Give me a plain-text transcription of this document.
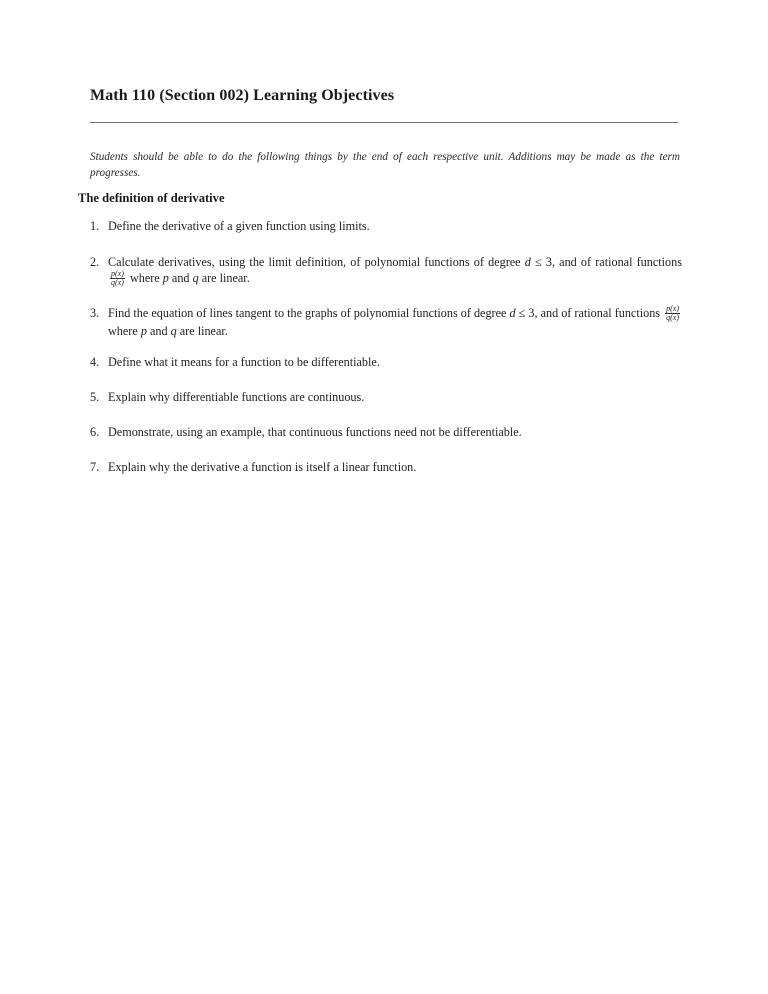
Math 110 (Section 002) Learning Objectives

Students should be able to do the following things by the end of each respective unit. Additions may be made as the term progresses.

The definition of derivative
1. Define the derivative of a given function using limits.
2. Calculate derivatives, using the limit definition, of polynomial functions of degree d ≤ 3, and of rational functions
$\frac{p(x)}{q(x)}$ where p and q are linear.
3. Find the equation of lines tangent to the graphs of polynomial functions of degree d ≤ 3, and of rational functions $\frac{p(x)}{q(x)}$
where p and q are linear.
4. Define what it means for a function to be differentiable.
5. Explain why differentiable functions are continuous.
6. Demonstrate, using an example, that continuous functions need not be differentiable.
7. Explain why the derivative a function is itself a linear function.
